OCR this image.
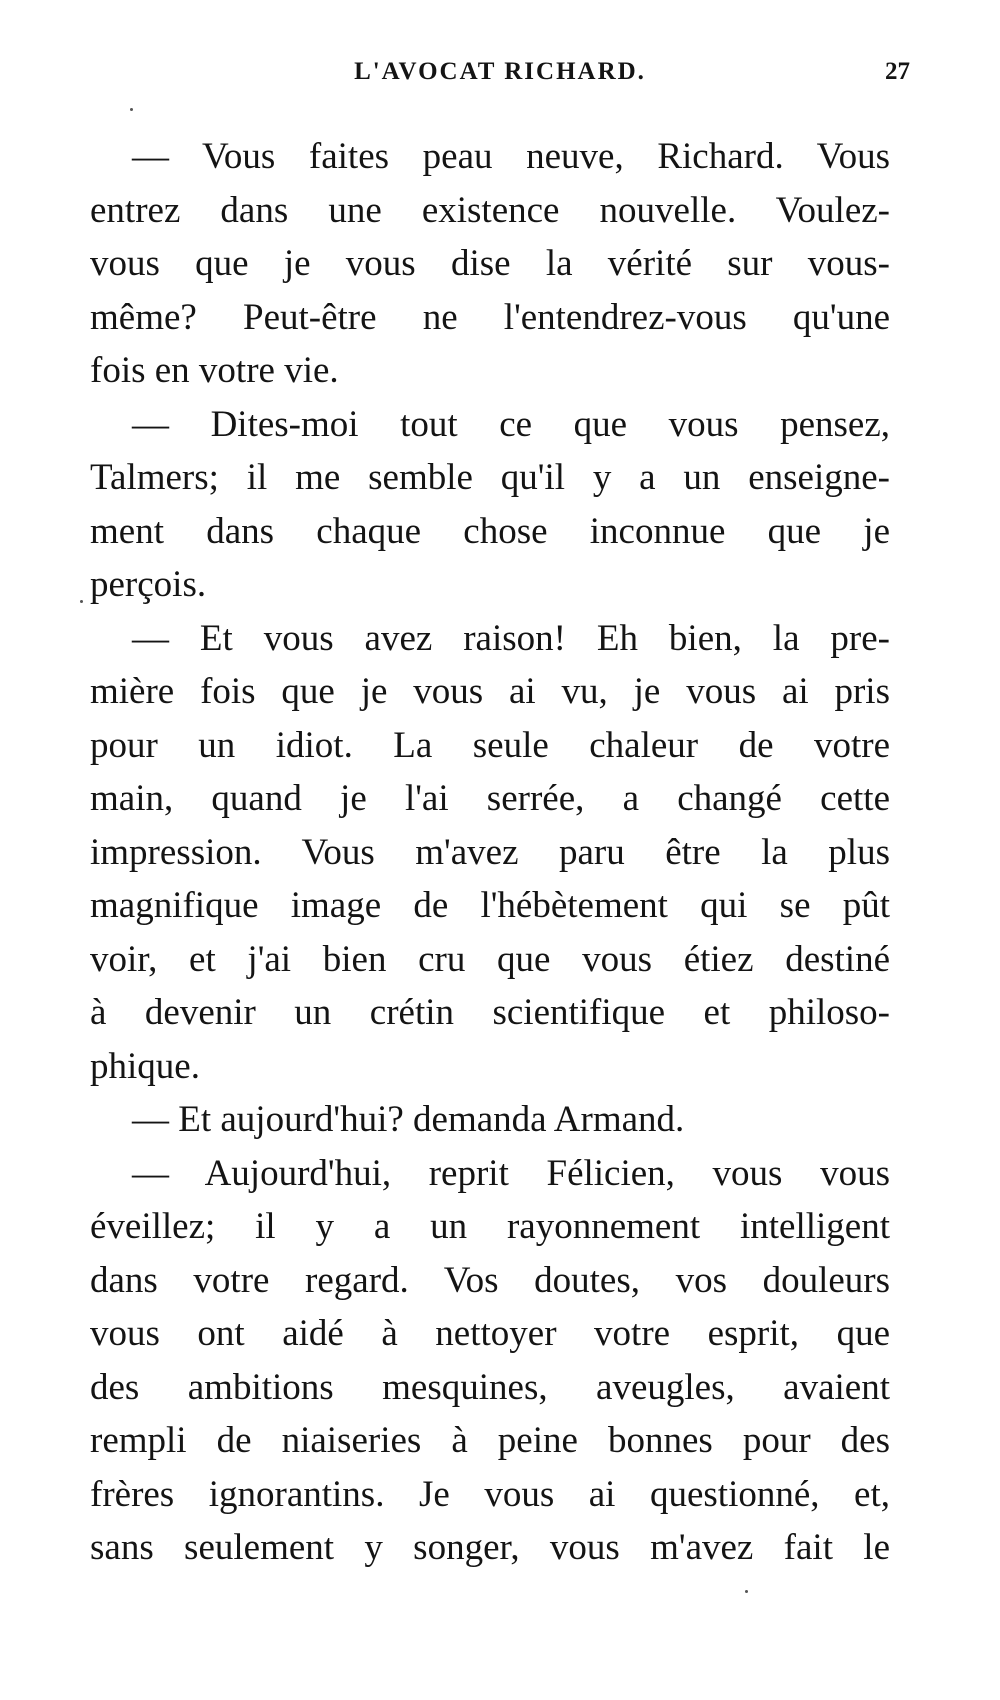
L'AVOCAT RICHARD.	27
— Vous faites peau neuve, Richard. Vous
entrez dans une existence nouvelle. Voulez-
vous que je vous dise la vérité sur vous-
même? Peut-être ne l'entendrez-vous qu'une
fois en votre vie.
— Dites-moi tout ce que vous pensez,
Talmers; il me semble qu'il y a un enseigne-
ment dans chaque chose inconnue que je
perçois.
— Et vous avez raison! Eh bien, la pre-
mière fois que je vous ai vu, je vous ai pris
pour un idiot. La seule chaleur de votre
main, quand je l'ai serrée, a changé cette
impression. Vous m'avez paru être la plus
magnifique image de l'hébètement qui se pût
voir, et j'ai bien cru que vous étiez destiné
à devenir un crétin scientifique et philoso-
phique.
— Et aujourd'hui? demanda Armand.
— Aujourd'hui, reprit Félicien, vous vous
éveillez; il y a un rayonnement intelligent
dans votre regard. Vos doutes, vos douleurs
vous ont aidé à nettoyer votre esprit, que
des ambitions mesquines, aveugles, avaient
rempli de niaiseries à peine bonnes pour des
frères ignorantins. Je vous ai questionné, et,
sans seulement y songer, vous m'avez fait le
